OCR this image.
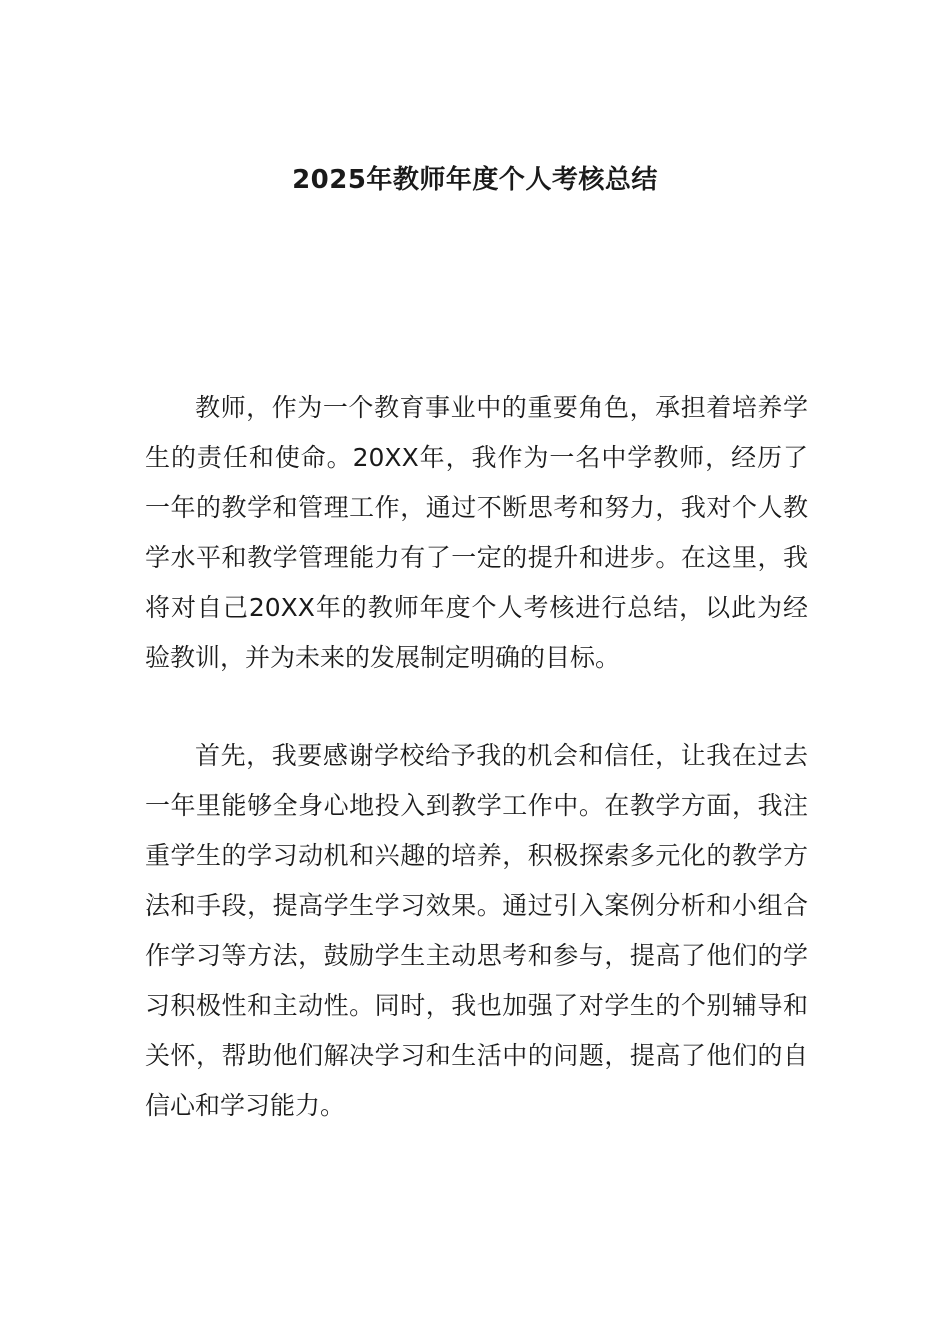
2025年教师年度个人考核总结

教师，作为一个教育事业中的重要角色，承担着培养学生的责任和使命。20XX年，我作为一名中学教师，经历了一年的教学和管理工作，通过不断思考和努力，我对个人教学水平和教学管理能力有了一定的提升和进步。在这里，我将对自己20XX年的教师年度个人考核进行总结，以此为经验教训，并为未来的发展制定明确的目标。

首先，我要感谢学校给予我的机会和信任，让我在过去一年里能够全身心地投入到教学工作中。在教学方面，我注重学生的学习动机和兴趣的培养，积极探索多元化的教学方法和手段，提高学生学习效果。通过引入案例分析和小组合作学习等方法，鼓励学生主动思考和参与，提高了他们的学习积极性和主动性。同时，我也加强了对学生的个别辅导和关怀，帮助他们解决学习和生活中的问题，提高了他们的自信心和学习能力。
